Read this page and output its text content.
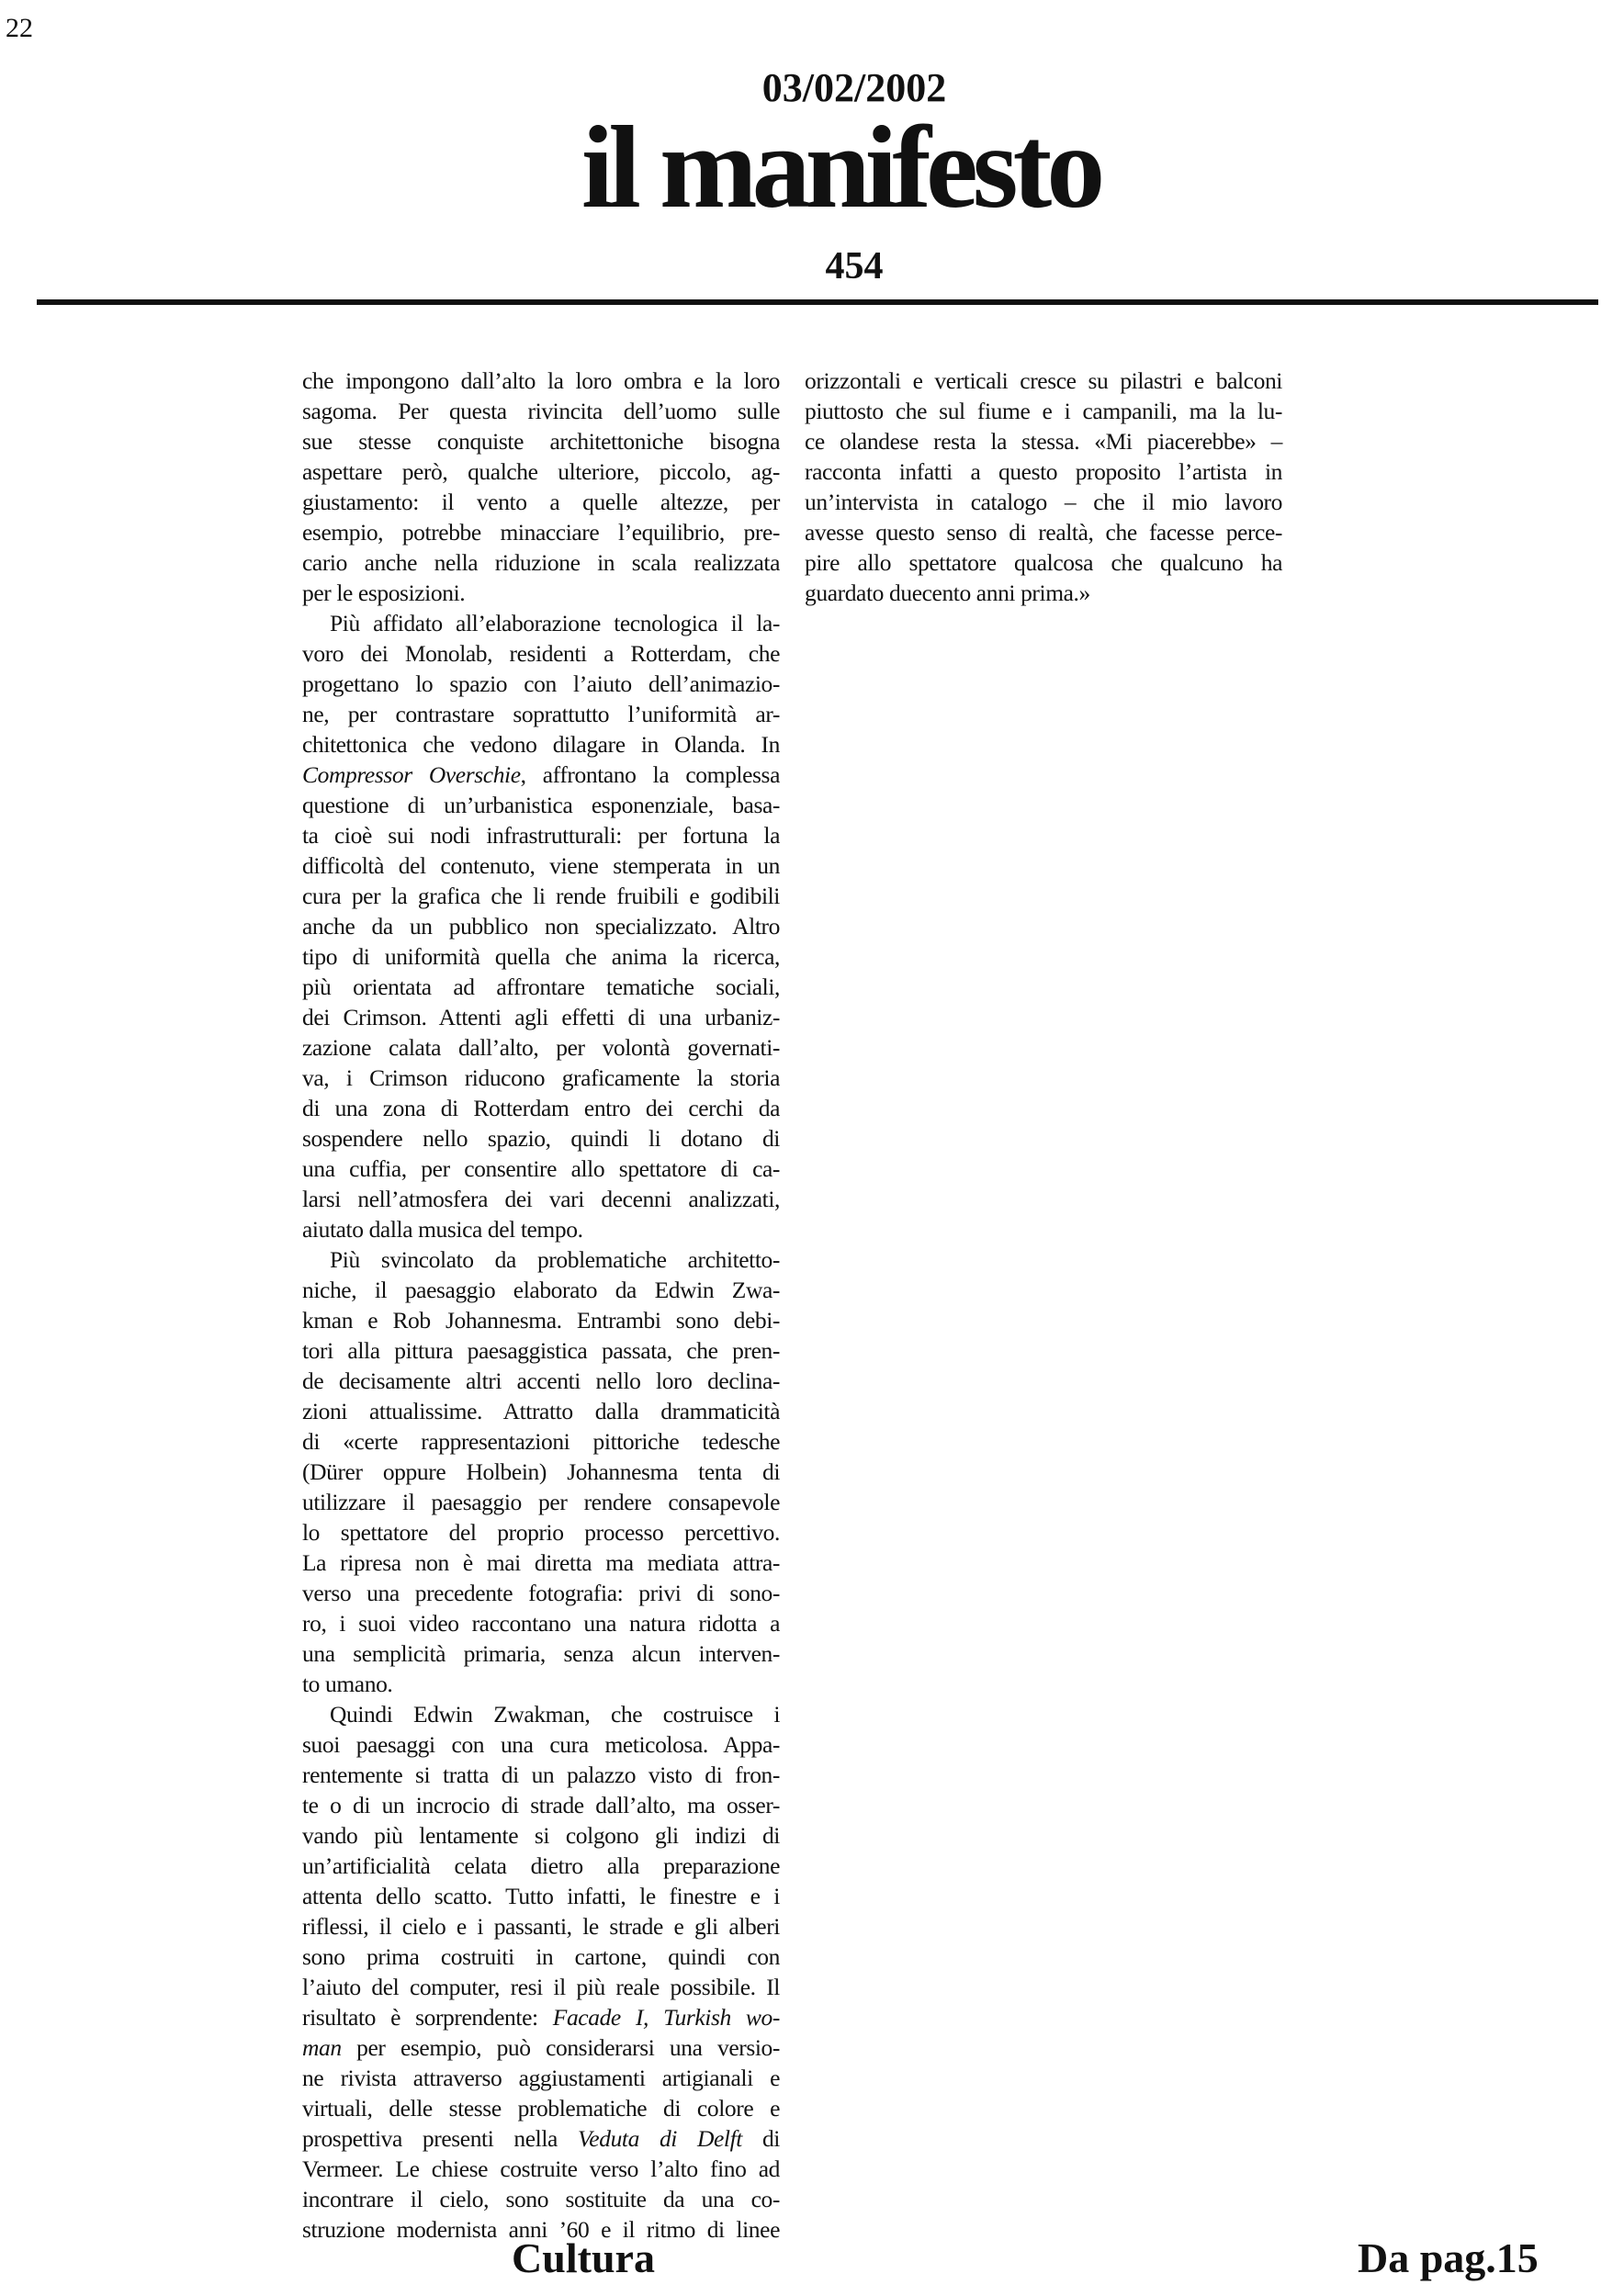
22
03/02/2002
il manifesto
454
che impongono dall’alto la loro ombra e la loro
sagoma. Per questa rivincita dell’uomo sulle
sue stesse conquiste architettoniche bisogna
aspettare però, qualche ulteriore, piccolo, ag-
giustamento: il vento a quelle altezze, per
esempio, potrebbe minacciare l’equilibrio, pre-
cario anche nella riduzione in scala realizzata
per le esposizioni.
Più affidato all’elaborazione tecnologica il la-
voro dei Monolab, residenti a Rotterdam, che
progettano lo spazio con l’aiuto dell’animazio-
ne, per contrastare soprattutto l’uniformità ar-
chitettonica che vedono dilagare in Olanda. In
Compressor Overschie, affrontano la complessa
questione di un’urbanistica esponenziale, basa-
ta cioè sui nodi infrastrutturali: per fortuna la
difficoltà del contenuto, viene stemperata in un
cura per la grafica che li rende fruibili e godibili
anche da un pubblico non specializzato. Altro
tipo di uniformità quella che anima la ricerca,
più orientata ad affrontare tematiche sociali,
dei Crimson. Attenti agli effetti di una urbaniz-
zazione calata dall’alto, per volontà governati-
va, i Crimson riducono graficamente la storia
di una zona di Rotterdam entro dei cerchi da
sospendere nello spazio, quindi li dotano di
una cuffia, per consentire allo spettatore di ca-
larsi nell’atmosfera dei vari decenni analizzati,
aiutato dalla musica del tempo.
Più svincolato da problematiche architetto-
niche, il paesaggio elaborato da Edwin Zwa-
kman e Rob Johannesma. Entrambi sono debi-
tori alla pittura paesaggistica passata, che pren-
de decisamente altri accenti nello loro declina-
zioni attualissime. Attratto dalla drammaticità
di «certe rappresentazioni pittoriche tedesche
(Dürer oppure Holbein) Johannesma tenta di
utilizzare il paesaggio per rendere consapevole
lo spettatore del proprio processo percettivo.
La ripresa non è mai diretta ma mediata attra-
verso una precedente fotografia: privi di sono-
ro, i suoi video raccontano una natura ridotta a
una semplicità primaria, senza alcun interven-
to umano.
Quindi Edwin Zwakman, che costruisce i
suoi paesaggi con una cura meticolosa. Appa-
rentemente si tratta di un palazzo visto di fron-
te o di un incrocio di strade dall’alto, ma osser-
vando più lentamente si colgono gli indizi di
un’artificialità celata dietro alla preparazione
attenta dello scatto. Tutto infatti, le finestre e i
riflessi, il cielo e i passanti, le strade e gli alberi
sono prima costruiti in cartone, quindi con
l’aiuto del computer, resi il più reale possibile. Il
risultato è sorprendente: Facade I, Turkish wo-
man per esempio, può considerarsi una versio-
ne rivista attraverso aggiustamenti artigianali e
virtuali, delle stesse problematiche di colore e
prospettiva presenti nella Veduta di Delft di
Vermeer. Le chiese costruite verso l’alto fino ad
incontrare il cielo, sono sostituite da una co-
struzione modernista anni ’60 e il ritmo di linee
orizzontali e verticali cresce su pilastri e balconi
piuttosto che sul fiume e i campanili, ma la lu-
ce olandese resta la stessa. «Mi piacerebbe» –
racconta infatti a questo proposito l’artista in
un’intervista in catalogo – che il mio lavoro
avesse questo senso di realtà, che facesse perce-
pire allo spettatore qualcosa che qualcuno ha
guardato duecento anni prima.»
Cultura	Da pag.15
